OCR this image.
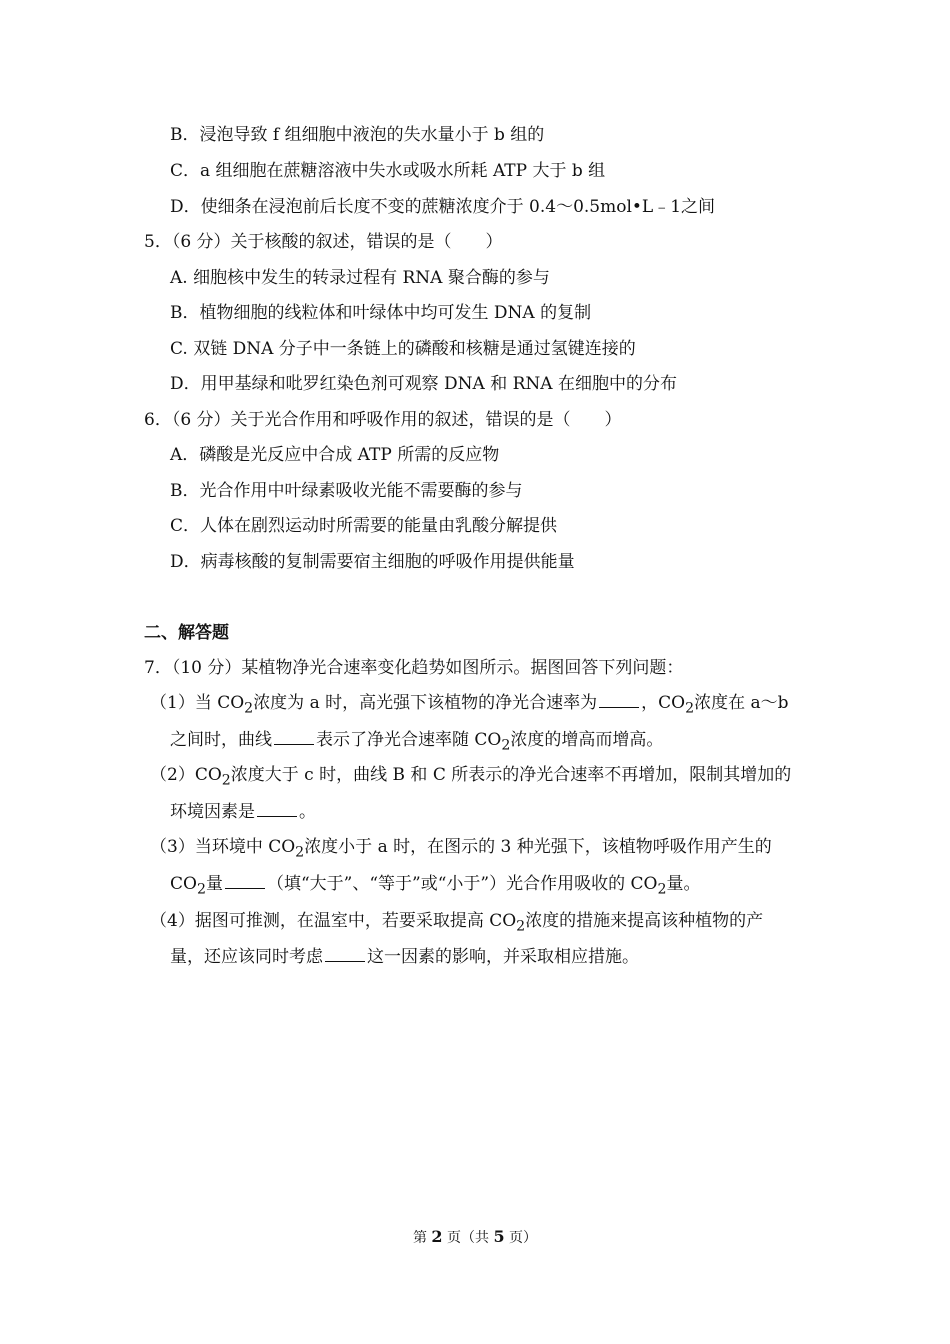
B．浸泡导致 f 组细胞中液泡的失水量小于 b 组的
C．a 组细胞在蔗糖溶液中失水或吸水所耗 ATP 大于 b 组
D．使细条在浸泡前后长度不变的蔗糖浓度介于 0.4～0.5mol•L﹣1之间
5．（6 分）关于核酸的叙述，错误的是（　　）
A. 细胞核中发生的转录过程有 RNA 聚合酶的参与
B．植物细胞的线粒体和叶绿体中均可发生 DNA 的复制
C. 双链 DNA 分子中一条链上的磷酸和核糖是通过氢键连接的
D．用甲基绿和吡罗红染色剂可观察 DNA 和 RNA 在细胞中的分布
6．（6 分）关于光合作用和呼吸作用的叙述，错误的是（　　）
A．磷酸是光反应中合成 ATP 所需的反应物
B．光合作用中叶绿素吸收光能不需要酶的参与
C．人体在剧烈运动时所需要的能量由乳酸分解提供
D．病毒核酸的复制需要宿主细胞的呼吸作用提供能量
二、解答题
7．（10 分）某植物净光合速率变化趋势如图所示。据图回答下列问题：
（1）当 $CO_2$浓度为 a 时，高光强下该植物的净光合速率为	，$CO_2$浓度在 a～b
之间时，曲线	表示了净光合速率随 $CO_2$浓度的增高而增高。
$(2)CO_2$浓度大于 c 时，曲线 B 和 C 所表示的净光合速率不再增加，限制其增加的
环境因素是	。
（3）当环境中 $CO_2$浓度小于 a 时，在图示的 3 种光强下，该植物呼吸作用产生的
$CO_2$量	（填“大于”、“等于”或“小于”）光合作用吸收的 $CO_2$量。
（4）据图可推测，在温室中，若要采取提高 $CO_2$浓度的措施来提高该种植物的产
量，还应该同时考虑	这一因素的影响，并采取相应措施。
第 2 页（共 5 页）
